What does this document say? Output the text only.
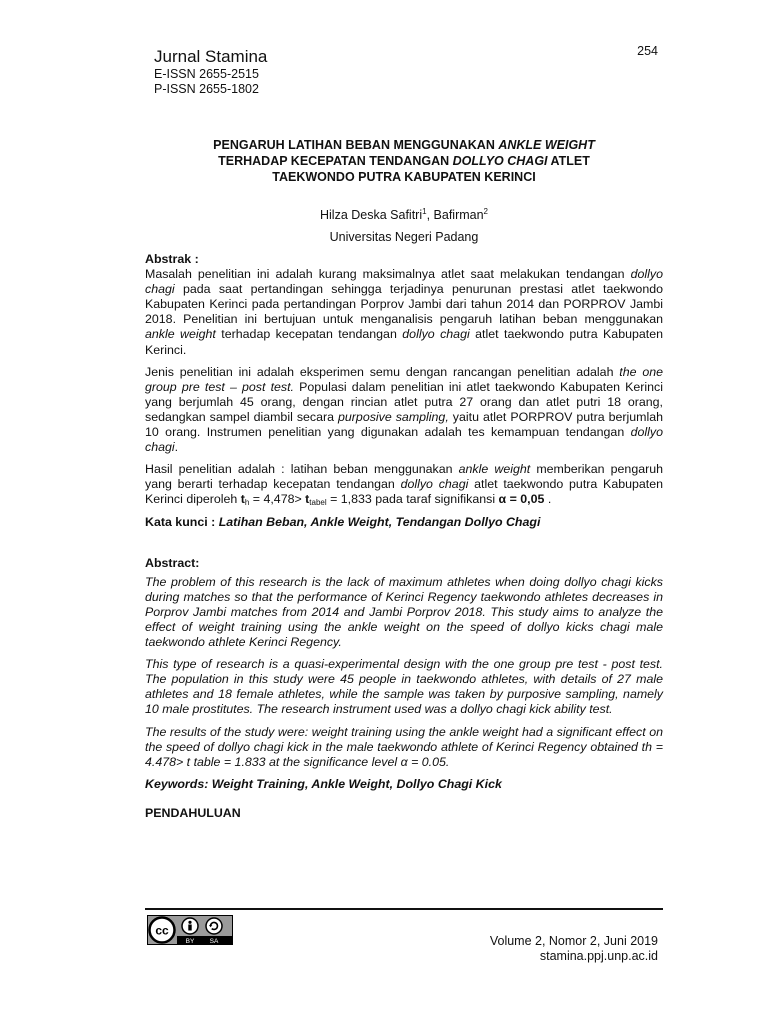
Jurnal Stamina
E-ISSN 2655-2515
P-ISSN 2655-1802
254
PENGARUH LATIHAN BEBAN MENGGUNAKAN ANKLE WEIGHT
TERHADAP KECEPATAN TENDANGAN DOLLYO CHAGI ATLET
TAEKWONDO PUTRA KABUPATEN KERINCI
Hilza Deska Safitri$^1$, Bafirman$^2$
Universitas Negeri Padang
Abstrak :

Masalah penelitian ini adalah kurang maksimalnya atlet saat melakukan tendangan dollyo chagi pada saat pertandingan sehingga terjadinya penurunan prestasi atlet taekwondo Kabupaten Kerinci pada pertandingan Porprov Jambi dari tahun 2014 dan PORPROV Jambi 2018. Penelitian ini bertujuan untuk menganalisis pengaruh latihan beban menggunakan ankle weight terhadap kecepatan tendangan dollyo chagi atlet taekwondo putra Kabupaten Kerinci.

Jenis penelitian ini adalah eksperimen semu dengan rancangan penelitian adalah the one group pre test – post test. Populasi dalam penelitian ini atlet taekwondo Kabupaten Kerinci yang berjumlah 45 orang, dengan rincian atlet putra 27 orang dan atlet putri 18 orang, sedangkan sampel diambil secara purposive sampling, yaitu atlet PORPROV putra berjumlah 10 orang. Instrumen penelitian yang digunakan adalah tes kemampuan tendangan dollyo chagi.

Hasil penelitian adalah : latihan beban menggunakan ankle weight memberikan pengaruh yang berarti terhadap kecepatan tendangan dollyo chagi atlet taekwondo putra Kabupaten Kerinci diperoleh $t_h = 4,478> t_{tabel} = 1,833$ pada taraf signifikansi α = 0,05 .

Kata kunci : Latihan Beban, Ankle Weight, Tendangan Dollyo Chagi
Abstract:

The problem of this research is the lack of maximum athletes when doing dollyo chagi kicks during matches so that the performance of Kerinci Regency taekwondo athletes decreases in Porprov Jambi matches from 2014 and Jambi Porprov 2018. This study aims to analyze the effect of weight training using the ankle weight on the speed of dollyo kicks chagi male taekwondo athlete Kerinci Regency.

This type of research is a quasi-experimental design with the one group pre test - post test. The population in this study were 45 people in taekwondo athletes, with details of 27 male athletes and 18 female athletes, while the sample was taken by purposive sampling, namely 10 male prostitutes. The research instrument used was a dollyo chagi kick ability test.

The results of the study were: weight training using the ankle weight had a significant effect on the speed of dollyo chagi kick in the male taekwondo athlete of Kerinci Regency obtained th = 4.478> t table = 1.833 at the significance level α = 0.05.

Keywords: Weight Training, Ankle Weight, Dollyo Chagi Kick
PENDAHULUAN
cc
BY SA	Volume 2, Nomor 2, Juni 2019
stamina.ppj.unp.ac.id
